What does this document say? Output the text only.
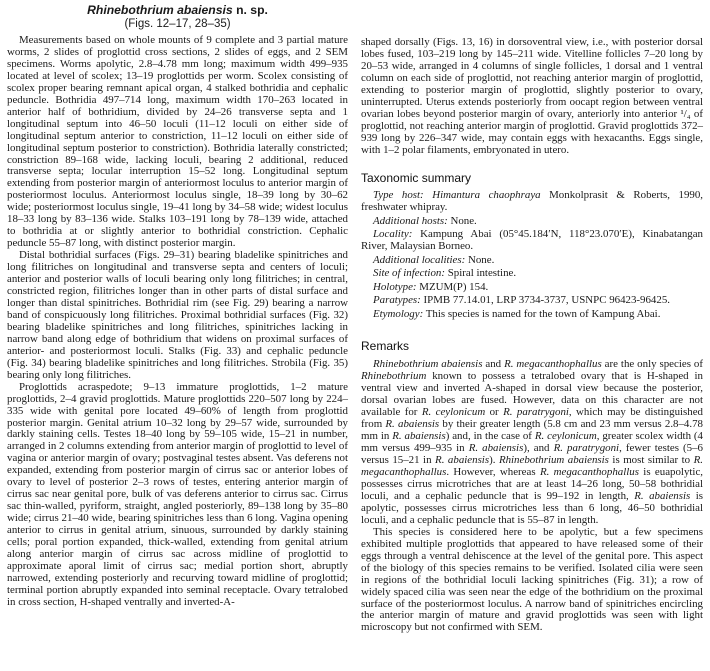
Rhinebothrium abaiensis n. sp.
(Figs. 12–17, 28–35)

Measurements based on whole mounts of 9 complete and 3 partial mature worms, 2 slides of proglottid cross sections, 2 slides of eggs, and 2 SEM specimens. Worms apolytic, 2.8–4.78 mm long; maximum width 499–935 located at level of scolex; 13–19 proglottids per worm. Scolex consisting of scolex proper bearing remnant apical organ, 4 stalked bothridia and cephalic peduncle. Bothridia 497–714 long, maximum width 170–263 located in anterior half of bothridium, divided by 24–26 transverse septa and 1 longitudinal septum into 46–50 loculi (11–12 loculi on either side of longitudinal septum anterior to constriction, 11–12 loculi on either side of longitudinal septum posterior to constriction). Bothridia laterally constricted; constriction 89–168 wide, lacking loculi, bearing 2 additional, reduced transverse septa; locular interruption 15–52 long. Longitudinal septum extending from posterior margin of anteriormost loculus to anterior margin of posteriormost loculus. Anteriormost loculus single, 18–39 long by 30–62 wide; posteriormost loculus single, 19–41 long by 34–58 wide; widest loculus 18–33 long by 83–136 wide. Stalks 103–191 long by 78–139 wide, attached to bothridia at or slightly anterior to bothridial constriction. Cephalic peduncle 55–87 long, with distinct posterior margin.

Distal bothridial surfaces (Figs. 29–31) bearing bladelike spinitriches and long filitriches on longitudinal and transverse septa and centers of loculi; anterior and posterior walls of loculi bearing only long filitriches; in central, constricted region, filitriches longer than in other parts of distal surface and longer than distal spinitriches. Bothridial rim (see Fig. 29) bearing a narrow band of conspicuously long filitriches. Proximal bothridial surfaces (Fig. 32) bearing bladelike spinitriches and long filitriches, spinitriches lacking in narrow band along edge of bothridium that widens on proximal surfaces of anterior- and posteriormost loculi. Stalks (Fig. 33) and cephalic peduncle (Fig. 34) bearing bladelike spinitriches and long filitriches. Strobila (Fig. 35) bearing only long filitriches.

Proglottids acraspedote; 9–13 immature proglottids, 1–2 mature proglottids, 2–4 gravid proglottids. Mature proglottids 220–507 long by 224–335 wide with genital pore located 49–60% of length from proglottid posterior margin. Genital atrium 10–32 long by 29–57 wide, surrounded by darkly staining cells. Testes 18–40 long by 59–105 wide, 15–21 in number, arranged in 2 columns extending from anterior margin of proglottid to level of vagina or anterior margin of ovary; postvaginal testes absent. Vas deferens not expanded, extending from posterior margin of cirrus sac or anterior lobes of ovary to level of posterior 2–3 rows of testes, entering anterior margin of cirrus sac near genital pore, bulk of vas deferens anterior to cirrus sac. Cirrus sac thin-walled, pyriform, straight, angled posteriorly, 89–138 long by 35–80 wide; cirrus 21–40 wide, bearing spinitriches less than 6 long. Vagina opening anterior to cirrus in genital atrium, sinuous, surrounded by darkly staining cells; poral portion expanded, thick-walled, extending from genital atrium along anterior margin of cirrus sac across midline of proglottid to approximate aporal limit of cirrus sac; medial portion short, abruptly narrowed, extending posteriorly and recurving toward midline of proglottid; terminal portion abruptly expanded into seminal receptacle. Ovary tetralobed in cross section, H-shaped ventrally and inverted-A-

shaped dorsally (Figs. 13, 16) in dorsoventral view, i.e., with posterior dorsal lobes fused, 103–219 long by 145–211 wide. Vitelline follicles 7–20 long by 20–53 wide, arranged in 4 columns of single follicles, 1 dorsal and 1 ventral column on each side of proglottid, not reaching anterior margin of proglottid, extending to posterior margin of proglottid, slightly posterior to ovary, uninterrupted. Uterus extends posteriorly from oocapt region between ventral ovarian lobes beyond posterior margin of ovary, anteriorly into anterior ¹/₄ of proglottid, not reaching anterior margin of proglottid. Gravid proglottids 372–939 long by 226–347 wide, may contain eggs with hexacanths. Eggs single, with 1–2 polar filaments, embryonated in utero.

Taxonomic summary

Type host: Himantura chaophraya Monkolprasit & Roberts, 1990, freshwater whipray.

Additional hosts: None.

Locality: Kampung Abai (05°45.184′N, 118°23.070′E), Kinabatangan River, Malaysian Borneo.

Additional localities: None.

Site of infection: Spiral intestine.

Holotype: MZUM(P) 154.

Paratypes: IPMB 77.14.01, LRP 3734-3737, USNPC 96423-96425.

Etymology: This species is named for the town of Kampung Abai.

Remarks

Rhinebothrium abaiensis and R. megacanthophallus are the only species of Rhinebothrium known to possess a tetralobed ovary that is H-shaped in ventral view and inverted A-shaped in dorsal view because the posterior, dorsal ovarian lobes are fused. However, data on this character are not available for R. ceylonicum or R. paratrygoni, which may be distinguished from R. abaiensis by their greater length (5.8 cm and 23 mm versus 2.8–4.78 mm in R. abaiensis) and, in the case of R. ceylonicum, greater scolex width (4 mm versus 499–935 in R. abaiensis), and R. paratrygoni, fewer testes (5–6 versus 15–21 in R. abaiensis). Rhinebothrium abaiensis is most similar to R. megacanthophallus. However, whereas R. megacanthophallus is euapolytic, possesses cirrus microtriches that are at least 14–26 long, 50–58 bothridial loculi, and a cephalic peduncle that is 99–192 in length, R. abaiensis is apolytic, possesses cirrus microtriches less than 6 long, 46–50 bothridial loculi, and a cephalic peduncle that is 55–87 in length.

This species is considered here to be apolytic, but a few specimens exhibited multiple proglottids that appeared to have released some of their eggs through a ventral dehiscence at the level of the genital pore. This aspect of the biology of this species remains to be verified. Isolated cilia were seen in regions of the bothridial loculi lacking spinitriches (Fig. 31); a row of widely spaced cilia was seen near the edge of the bothridium on the proximal surface of the posteriormost loculus. A narrow band of spinitriches encircling the anterior margin of mature and gravid proglottids was seen with light microscopy but not confirmed with SEM.
